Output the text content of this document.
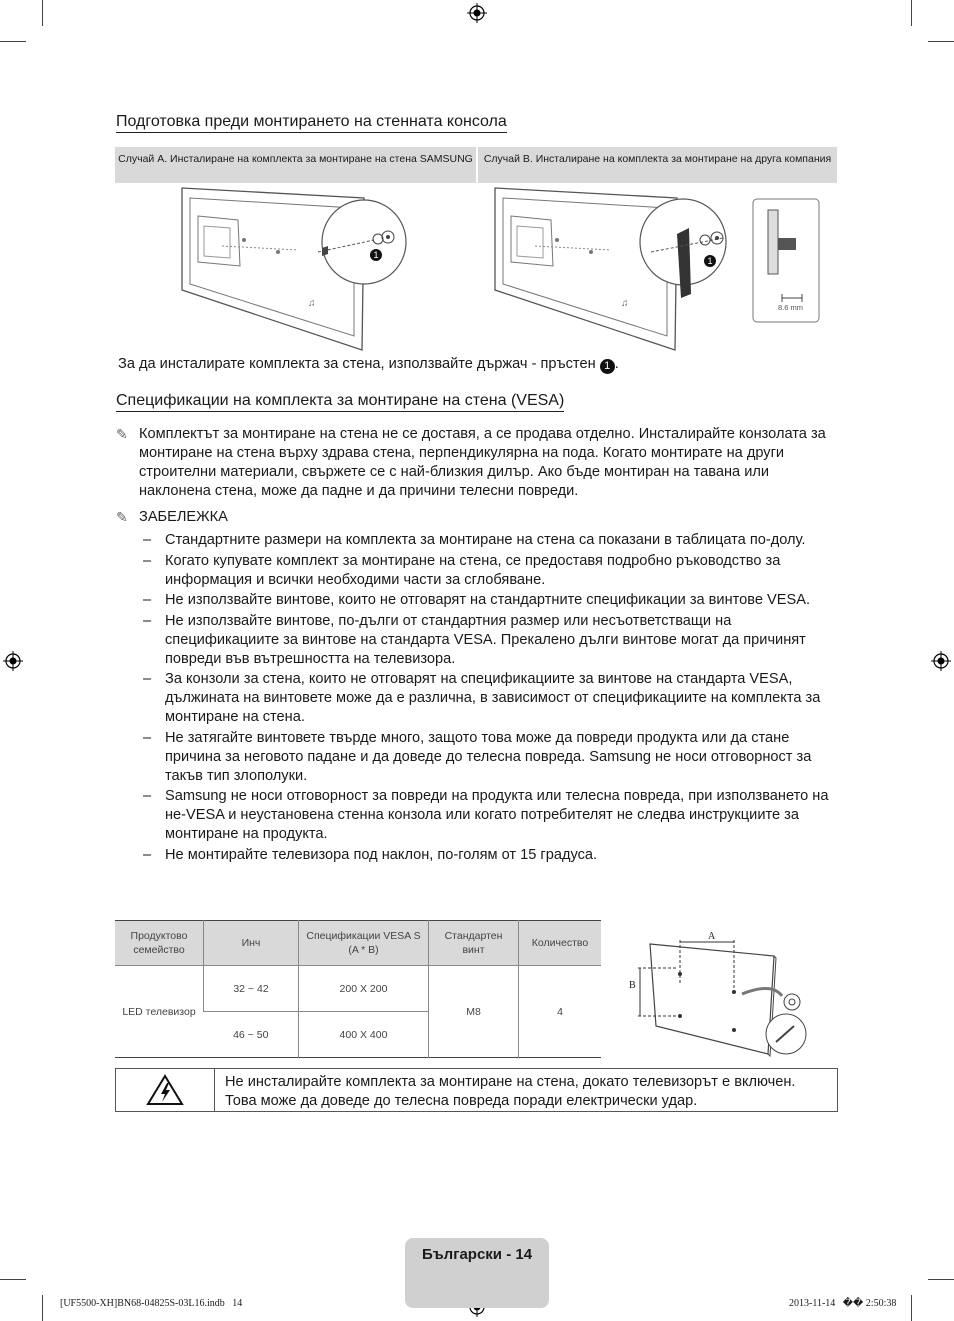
Подготовка преди монтирането на стенната консола
Случай A. Инсталиране на комплекта за монтиране на стена SAMSUNG	Случай B. Инсталиране на комплекта за монтиране на друга компания
♫
1
♫
1
8.6 mm
За да инсталирате комплекта за стена, използвайте държач - пръстен 1 .
Спецификации на комплекта за монтиране на стена (VESA)
✎ Комплектът за монтиране на стена не се доставя, а се продава отделно. Инсталирайте конзолата за монтиране на стена върху здрава стена, перпендикулярна на пода. Когато монтирате на други строителни материали, свържете се с най-близкия дилър. Ако бъде монтиран на тавана или наклонена стена, може да падне и да причини телесни повреди.
✎ ЗАБЕЛЕЖКА
– Стандартните размери на комплекта за монтиране на стена са показани в таблицата по-долу.
– Когато купувате комплект за монтиране на стена, се предоставя подробно ръководство за информация и всички необходими части за сглобяване.
– Не използвайте винтове, които не отговарят на стандартните спецификации за винтове VESA.
– Не използвайте винтове, по-дълги от стандартния размер или несъответстващи на спецификациите за винтове на стандарта VESA. Прекалено дълги винтове могат да причинят повреди във вътрешността на телевизора.
– За конзоли за стена, които не отговарят на спецификациите за винтове на стандарта VESA, дължината на винтовете може да е различна, в зависимост от спецификациите на комплекта за монтиране на стена.
– Не затягайте винтовете твърде много, защото това може да повреди продукта или да стане причина за неговото падане и да доведе до телесна повреда. Samsung не носи отговорност за такъв тип злополуки.
– Samsung не носи отговорност за повреди на продукта или телесна повреда, при използването на не-VESA и неустановена стенна конзола или когато потребителят не следва инструкциите за монтиране на продукта.
– Не монтирайте телевизора под наклон, по-голям от 15 градуса.
Продуктово семейство	Инч	Спецификации VESA S (A * B)	Стандартен винт	Количество
LED телевизор	32 ~ 42	200 X 200	M8	4
	46 ~ 50	400 X 400		
A
B
Не инсталирайте комплекта за монтиране на стена, докато телевизорът е включен.
Това може да доведе до телесна повреда поради електрически удар.
Български - 14
[UF5500-XH]BN68-04825S-03L16.indb   14	2013-11-14   �� 2:50:38
